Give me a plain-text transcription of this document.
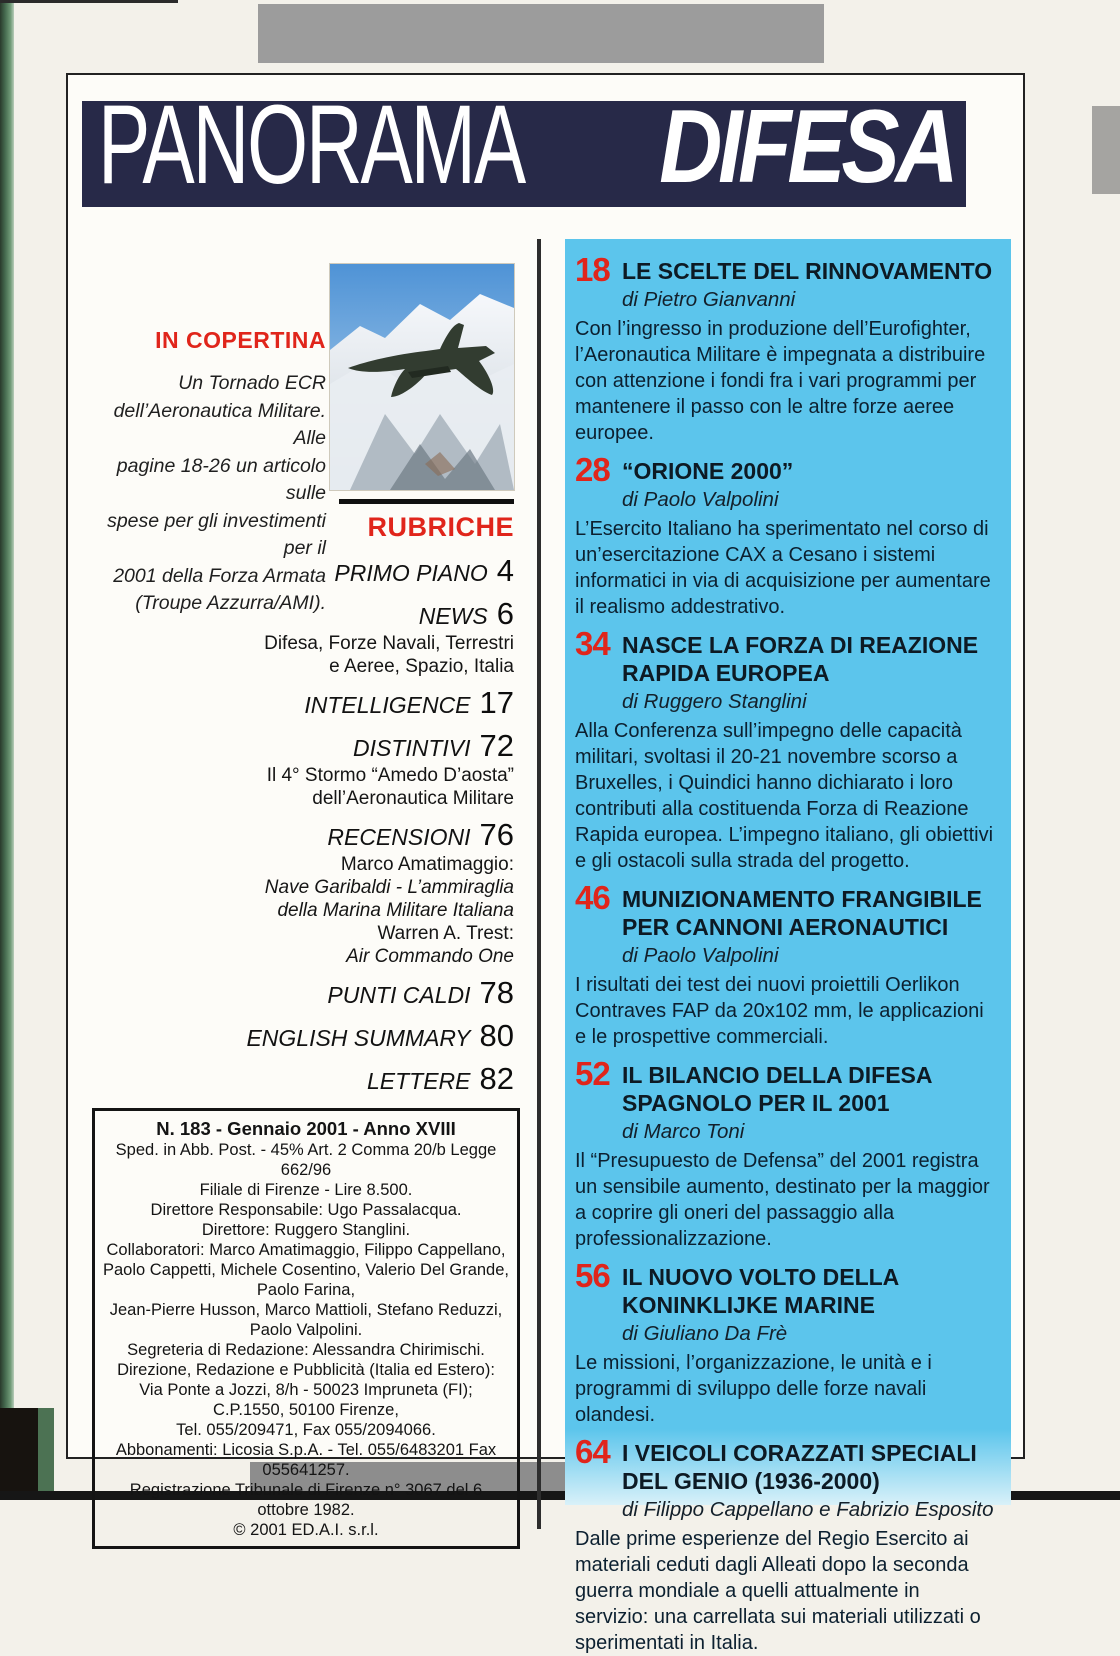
PANORAMA DIFESA
IN COPERTINA
Un Tornado ECR
dell’Aeronautica Militare. Alle
pagine 18-26 un articolo sulle
spese per gli investimenti per il
2001 della Forza Armata
(Troupe Azzurra/AMI).
RUBRICHE
PRIMO PIANO 4
NEWS 6
Difesa, Forze Navali, Terrestri
e Aeree, Spazio, Italia
INTELLIGENCE 17
DISTINTIVI 72
Il 4° Stormo “Amedo D’aosta”
dell’Aeronautica Militare
RECENSIONI 76
Marco Amatimaggio:
Nave Garibaldi - L’ammiraglia
della Marina Militare Italiana
Warren A. Trest:
Air Commando One
PUNTI CALDI 78
ENGLISH SUMMARY 80
LETTERE 82
N. 183 - Gennaio 2001 - Anno XVIII
Sped. in Abb. Post. - 45% Art. 2 Comma 20/b Legge 662/96
Filiale di Firenze - Lire 8.500.
Direttore Responsabile: Ugo Passalacqua.
Direttore: Ruggero Stanglini.
Collaboratori: Marco Amatimaggio, Filippo Cappellano,
Paolo Cappetti, Michele Cosentino, Valerio Del Grande, Paolo Farina,
Jean-Pierre Husson, Marco Mattioli, Stefano Reduzzi, Paolo Valpolini.
Segreteria di Redazione: Alessandra Chirimischi.
Direzione, Redazione e Pubblicità (Italia ed Estero):
Via Ponte a Jozzi, 8/h - 50023 Impruneta (FI); C.P.1550, 50100 Firenze,
Tel. 055/209471, Fax 055/2094066.
Abbonamenti: Licosia S.p.A. - Tel. 055/6483201 Fax 055641257.
Registrazione Tribunale di Firenze n° 3067 del 6 ottobre 1982.
© 2001 ED.A.I. s.r.l.
18 LE SCELTE DEL RINNOVAMENTO
di Pietro Gianvanni
Con l’ingresso in produzione dell’Eurofighter, l’Aeronautica Militare è impegnata a distribuire con attenzione i fondi fra i vari programmi per mantenere il passo con le altre forze aeree europee.
28 “ORIONE 2000”
di Paolo Valpolini
L’Esercito Italiano ha sperimentato nel corso di un’esercitazione CAX a Cesano i sistemi informatici in via di acquisizione per aumentare il realismo addestrativo.
34 NASCE LA FORZA DI REAZIONE
RAPIDA EUROPEA
di Ruggero Stanglini
Alla Conferenza sull’impegno delle capacità militari, svoltasi il 20-21 novembre scorso a Bruxelles, i Quindici hanno dichiarato i loro contributi alla costituenda Forza di Reazione Rapida europea. L’impegno italiano, gli obiettivi e gli ostacoli sulla strada del progetto.
46 MUNIZIONAMENTO FRANGIBILE
PER CANNONI AERONAUTICI
di Paolo Valpolini
I risultati dei test dei nuovi proiettili Oerlikon Contraves FAP da 20x102 mm, le applicazioni e le prospettive commerciali.
52 IL BILANCIO DELLA DIFESA
SPAGNOLO PER IL 2001
di Marco Toni
Il “Presupuesto de Defensa” del 2001 registra un sensibile aumento, destinato per la maggior a coprire gli oneri del passaggio alla professionalizzazione.
56 IL NUOVO VOLTO DELLA
KONINKLIJKE MARINE
di Giuliano Da Frè
Le missioni, l’organizzazione, le unità e i programmi di sviluppo delle forze navali olandesi.
64 I VEICOLI CORAZZATI SPECIALI
DEL GENIO (1936-2000)
di Filippo Cappellano e Fabrizio Esposito
Dalle prime esperienze del Regio Esercito ai materiali ceduti dagli Alleati dopo la seconda guerra mondiale a quelli attualmente in servizio: una carrellata sui materiali utilizzati o sperimentati in Italia.
